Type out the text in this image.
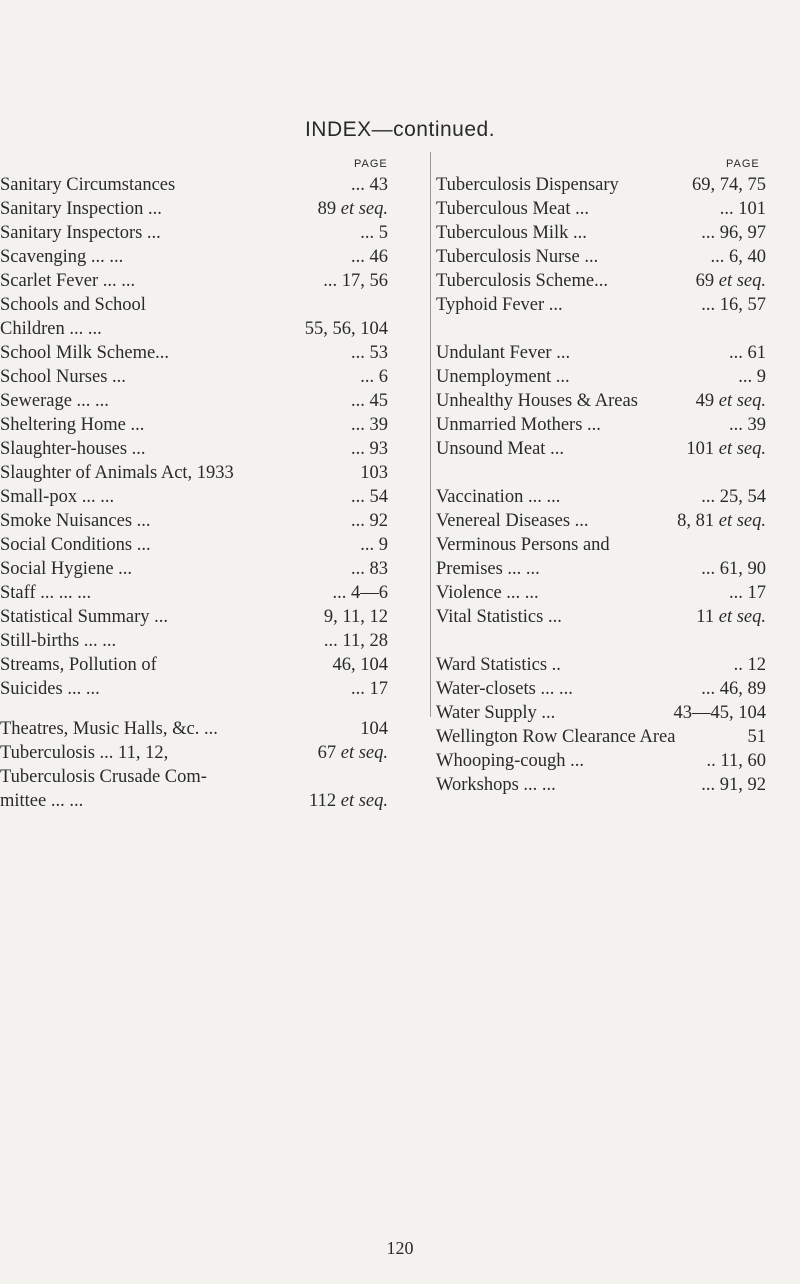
INDEX—continued.
PAGE	PAGE
Sanitary Circumstances	... 43
Sanitary Inspection ...	89 et seq.
Sanitary Inspectors ...	... 5
Scavenging ... ...	... 46
Scarlet Fever ... ...	... 17, 56
Schools and School
Children ... ...	55, 56, 104
School Milk Scheme...	... 53
School Nurses ...	... 6
Sewerage ... ...	... 45
Sheltering Home ...	... 39
Slaughter-houses ...	... 93
Slaughter of Animals Act, 1933	103
Small-pox ... ...	... 54
Smoke Nuisances ...	... 92
Social Conditions ...	... 9
Social Hygiene ...	... 83
Staff ... ... ...	... 4—6
Statistical Summary ...	9, 11, 12
Still-births ... ...	... 11, 28
Streams, Pollution of	46, 104
Suicides ... ...	... 17
Theatres, Music Halls, &c. ...	104
Tuberculosis ... 11, 12,	67 et seq.
Tuberculosis Crusade Com-
mittee ... ...	112 et seq.
Tuberculosis Dispensary	69, 74, 75
Tuberculous Meat ...	... 101
Tuberculous Milk ...	... 96, 97
Tuberculosis Nurse ...	... 6, 40
Tuberculosis Scheme...	69 et seq.
Typhoid Fever ...	... 16, 57
Undulant Fever ...	... 61
Unemployment ...	... 9
Unhealthy Houses & Areas	49 et seq.
Unmarried Mothers ...	... 39
Unsound Meat ...	101 et seq.
Vaccination ... ...	... 25, 54
Venereal Diseases ...	8, 81 et seq.
Verminous Persons and
Premises ... ...	... 61, 90
Violence ... ...	... 17
Vital Statistics ...	11 et seq.
Ward Statistics ..	.. 12
Water-closets ... ...	... 46, 89
Water Supply ...	43—45, 104
Wellington Row Clearance Area	51
Whooping-cough ...	.. 11, 60
Workshops ... ...	... 91, 92
120
